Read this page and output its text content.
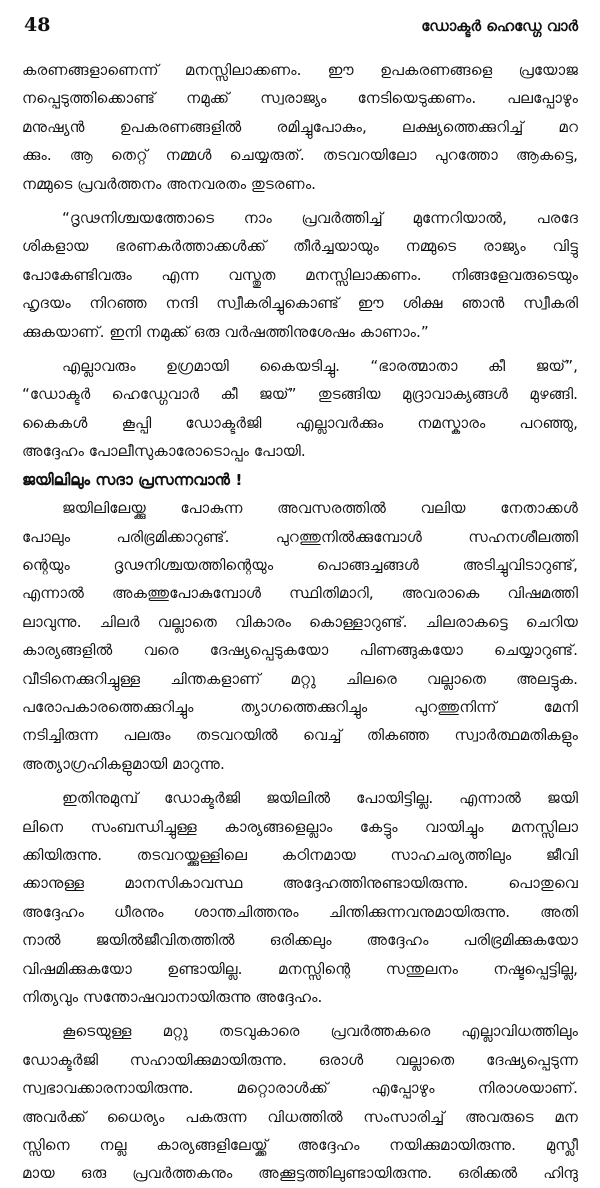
48	ഡോക്ടർ ഹെഡ്ഗേ വാർ

കരണങ്ങളാണെന്ന് മനസ്സിലാക്കണം. ഈ ഉപകരണങ്ങളെ പ്രയോജ
നപ്പെടുത്തിക്കൊണ്ട് നമുക്ക് സ്വരാജ്യം നേടിയെടുക്കണം. പലപ്പോഴും
മനുഷ്യൻ ഉപകരണങ്ങളിൽ രമിച്ചുപോകും, ലക്ഷ്യത്തെക്കുറിച്ച് മറ
ക്കും. ആ തെറ്റ് നമ്മൾ ചെയ്യരുത്. തടവറയിലോ പുറത്തോ ആകട്ടെ,
നമ്മുടെ പ്രവർത്തനം അനവരതം തുടരണം.

“ദൃഢനിശ്ചയത്തോടെ നാം പ്രവർത്തിച്ച് മുന്നേറിയാൽ, പരദേ
ശികളായ ഭരണകർത്താക്കൾക്ക് തീർച്ചയായും നമ്മുടെ രാജ്യം വിട്ടു
പോകേണ്ടിവരും എന്ന വസ്തുത മനസ്സിലാക്കണം. നിങ്ങളേവരുടെയും
ഹൃദയം നിറഞ്ഞ നന്ദി സ്വീകരിച്ചുകൊണ്ട് ഈ ശിക്ഷ ഞാൻ സ്വീകരി
ക്കുകയാണ്. ഇനി നമുക്ക് ഒരു വർഷത്തിനുശേഷം കാണാം.”

എല്ലാവരും ഉഗ്രമായി കൈയടിച്ചു. “ഭാരത്മാതാ കീ ജയ്”,
“ഡോക്ടർ ഹെഡ്ഗേവാർ കീ ജയ്” തുടങ്ങിയ മുദ്രാവാക്യങ്ങൾ മുഴങ്ങി.
കൈകൾ കൂപ്പി ഡോക്ടർജി എല്ലാവർക്കും നമസ്കാരം പറഞ്ഞു,
അദ്ദേഹം പോലീസുകാരോടൊപ്പം പോയി.

ജയിലിലും സദാ പ്രസന്നവാൻ !

ജയിലിലേയ്ക്കു പോകുന്ന അവസരത്തിൽ വലിയ നേതാക്കൾ
പോലും പരിഭ്രമിക്കാറുണ്ട്. പുറത്തുനിൽക്കുമ്പോൾ സഹനശീലത്തി
ന്റെയും ദൃഢനിശ്ചയത്തിന്റെയും പൊങ്ങച്ചങ്ങൾ അടിച്ചുവിടാറുണ്ട്,
എന്നാൽ അകത്തുപോകുമ്പോൾ സ്ഥിതിമാറി, അവരാകെ വിഷമത്തി
ലാവുന്നു. ചിലർ വല്ലാതെ വികാരം കൊള്ളാറുണ്ട്. ചിലരാകട്ടെ ചെറിയ
കാര്യങ്ങളിൽ വരെ ദേഷ്യപ്പെടുകയോ പിണങ്ങുകയോ ചെയ്യാറുണ്ട്.
വീടിനെക്കുറിച്ചുള്ള ചിന്തകളാണ് മറ്റു ചിലരെ വല്ലാതെ അലട്ടുക.
പരോപകാരത്തെക്കുറിച്ചും ത്യാഗത്തെക്കുറിച്ചും പുറത്തുനിന്ന് മേനി
നടിച്ചിരുന്ന പലരും തടവറയിൽ വെച്ച് തികഞ്ഞ സ്വാർത്ഥമതികളും
അത്യാഗ്രഹികളുമായി മാറുന്നു.

ഇതിനുമുമ്പ് ഡോക്ടർജി ജയിലിൽ പോയിട്ടില്ല. എന്നാൽ ജയി
ലിനെ സംബന്ധിച്ചുള്ള കാര്യങ്ങളെല്ലാം കേട്ടും വായിച്ചും മനസ്സിലാ
ക്കിയിരുന്നു. തടവറയ്ക്കുള്ളിലെ കഠിനമായ സാഹചര്യത്തിലും ജീവി
ക്കാനുള്ള മാനസികാവസ്ഥ അദ്ദേഹത്തിനുണ്ടായിരുന്നു. പൊതുവെ
അദ്ദേഹം ധീരനും ശാന്തചിത്തനും ചിന്തിക്കുന്നവനുമായിരുന്നു. അതി
നാൽ ജയിൽജീവിതത്തിൽ ഒരിക്കലും അദ്ദേഹം പരിഭ്രമിക്കുകയോ
വിഷമിക്കുകയോ ഉണ്ടായില്ല. മനസ്സിന്റെ സന്തുലനം നഷ്ടപ്പെട്ടില്ല,
നിത്യവും സന്തോഷവാനായിരുന്നു അദ്ദേഹം.

കൂടെയുള്ള മറ്റു തടവുകാരെ പ്രവർത്തകരെ എല്ലാവിധത്തിലും
ഡോക്ടർജി സഹായിക്കുമായിരുന്നു. ഒരാൾ വല്ലാതെ ദേഷ്യപ്പെടുന്ന
സ്വഭാവക്കാരനായിരുന്നു. മറ്റൊരാൾക്ക് എപ്പോഴും നിരാശയാണ്.
അവർക്ക് ധൈര്യം പകരുന്ന വിധത്തിൽ സംസാരിച്ച് അവരുടെ മന
സ്സിനെ നല്ല കാര്യങ്ങളിലേയ്ക്ക് അദ്ദേഹം നയിക്കുമായിരുന്നു. മുസ്ലീ
മായ ഒരു പ്രവർത്തകനും അക്കൂട്ടത്തിലുണ്ടായിരുന്നു. ഒരിക്കൽ ഹിന്ദു
